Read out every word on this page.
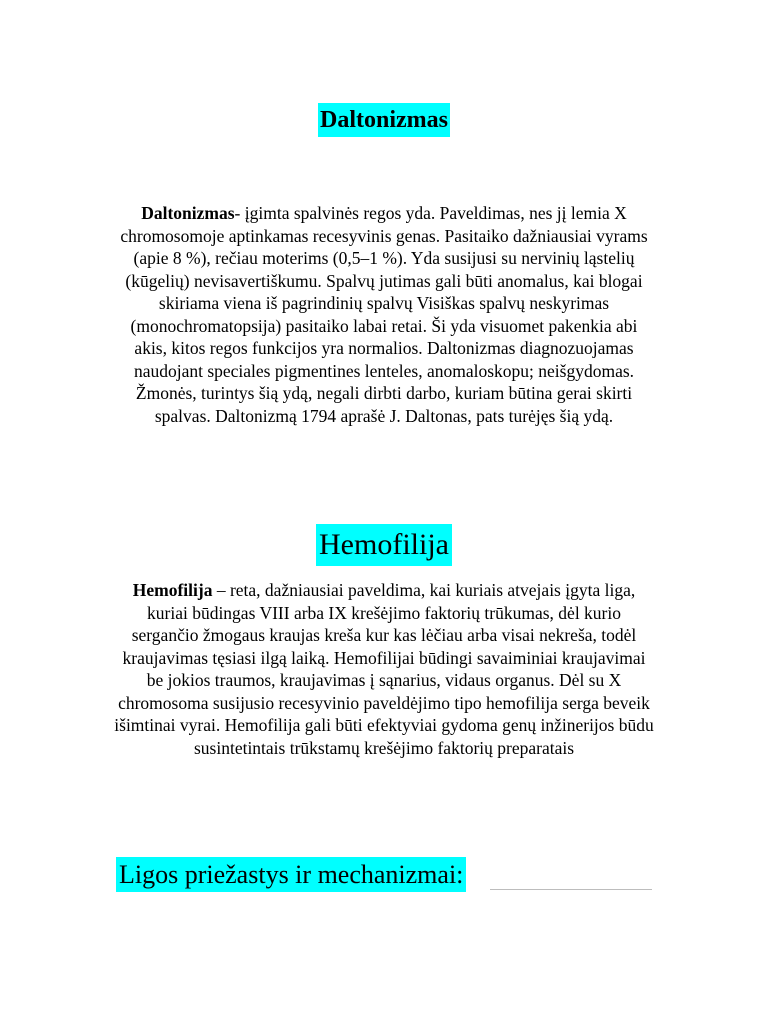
Daltonizmas
Daltonizmas- įgimta spalvinės regos yda. Paveldimas, nes jį lemia X chromosomoje aptinkamas recesyvinis genas. Pasitaiko dažniausiai vyrams (apie 8 %), rečiau moterims (0,5–1 %). Yda susijusi su nervinių ląstelių (kūgelių) nevisavertiškumu. Spalvų jutimas gali būti anomalus, kai blogai skiriama viena iš pagrindinių spalvų Visiškas spalvų neskyrimas (monochromatopsija) pasitaiko labai retai. Ši yda visuomet pakenkia abi akis, kitos regos funkcijos yra normalios. Daltonizmas diagnozuojamas naudojant speciales pigmentines lenteles, anomaloskopu; neišgydomas. Žmonės, turintys šią ydą, negali dirbti darbo, kuriam būtina gerai skirti spalvas. Daltonizmą 1794 aprašė J. Daltonas, pats turėjęs šią ydą.
Hemofilija
Hemofilija – reta, dažniausiai paveldima, kai kuriais atvejais įgyta liga, kuriai būdingas VIII arba IX krešėjimo faktorių trūkumas, dėl kurio sergančio žmogaus kraujas kreša kur kas lėčiau arba visai nekreša, todėl kraujavimas tęsiasi ilgą laiką. Hemofilijai būdingi savaiminiai kraujavimai be jokios traumos, kraujavimas į sąnarius, vidaus organus. Dėl su X chromosoma susijusio recesyvinio paveldėjimo tipo hemofilija serga beveik išimtinai vyrai. Hemofilija gali būti efektyviai gydoma genų inžinerijos būdu susintetintais trūkstamų krešėjimo faktorių preparatais
Ligos priežastys ir mechanizmai:
